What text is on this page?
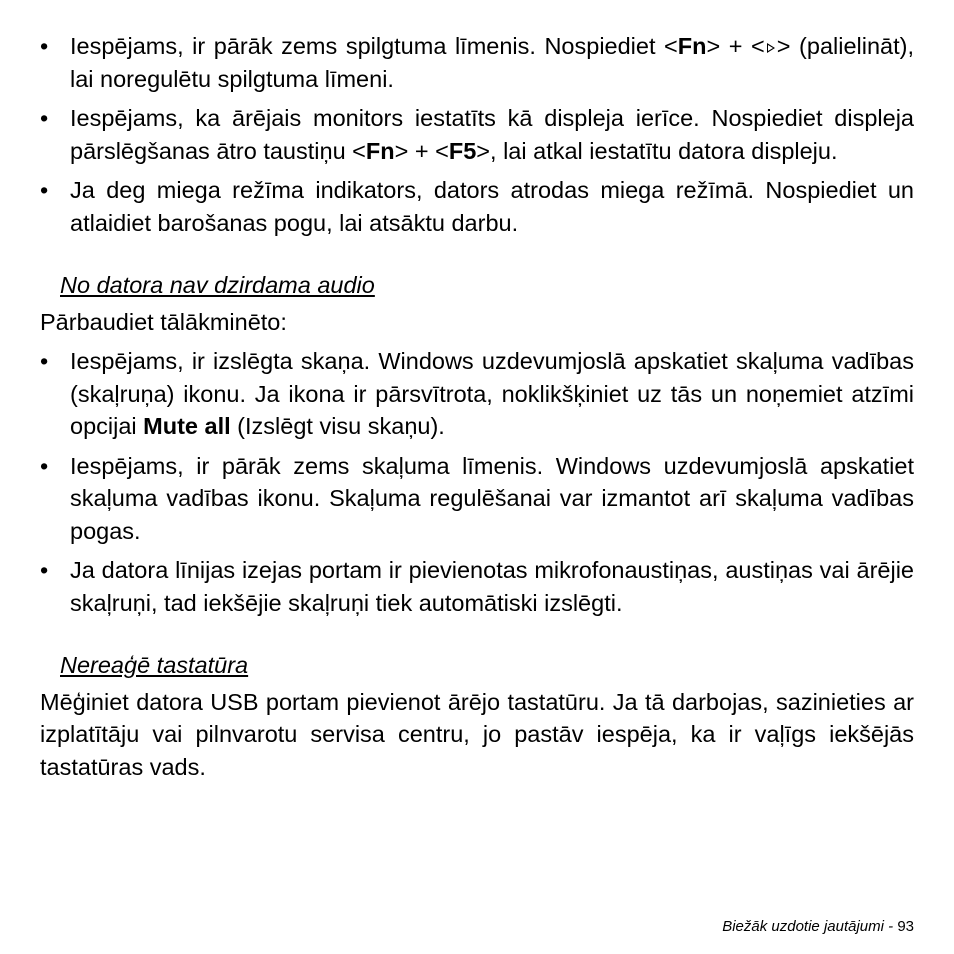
• Iespējams, ir pārāk zems spilgtuma līmenis. Nospiediet <Fn> + < > (palielināt), lai noregulētu spilgtuma līmeni.
• Iespējams, ka ārējais monitors iestatīts kā displeja ierīce. Nospiediet displeja pārslēgšanas ātro taustiņu <Fn> + <F5>, lai atkal iestatītu datora displeju.
• Ja deg miega režīma indikators, dators atrodas miega režīmā. Nospiediet un atlaidiet barošanas pogu, lai atsāktu darbu.
No datora nav dzirdama audio
Pārbaudiet tālākminēto:
• Iespējams, ir izslēgta skaņa. Windows uzdevumjoslā apskatiet skaļuma vadības (skaļruņa) ikonu. Ja ikona ir pārsvītrota, noklikšķiniet uz tās un noņemiet atzīmi opcijai Mute all (Izslēgt visu skaņu).
• Iespējams, ir pārāk zems skaļuma līmenis. Windows uzdevumjoslā apskatiet skaļuma vadības ikonu. Skaļuma regulēšanai var izmantot arī skaļuma vadības pogas.
• Ja datora līnijas izejas portam ir pievienotas mikrofonaustiņas, austiņas vai ārējie skaļruņi, tad iekšējie skaļruņi tiek automātiski izslēgti.
Nereaģē tastatūra
Mēģiniet datora USB portam pievienot ārējo tastatūru. Ja tā darbojas, sazinieties ar izplatītāju vai pilnvarotu servisa centru, jo pastāv iespēja, ka ir vaļīgs iekšējās tastatūras vads.
Biežāk uzdotie jautājumi - 93
